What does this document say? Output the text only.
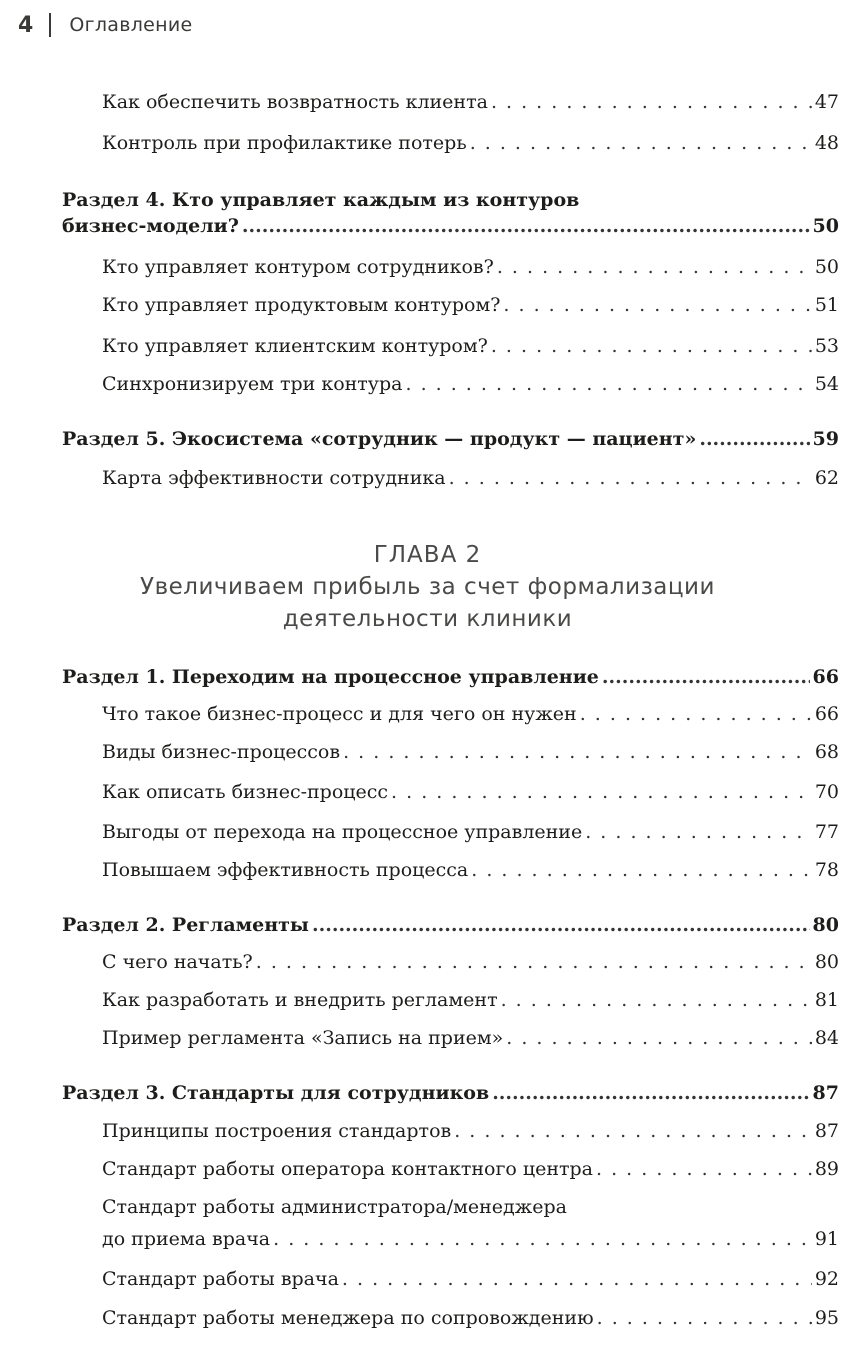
4 Оглавление
Как обеспечить возвратность клиента . . .	47
Контроль при профилактике потерь . . .	48
Раздел 4. Кто управляет каждым из контуров
бизнес-модели? .....	50
Кто управляет контуром сотрудников? . . .	50
Кто управляет продуктовым контуром? . . .	51
Кто управляет клиентским контуром? . . .	53
Синхронизируем три контура . . .	54
Раздел 5. Экосистема «сотрудник — продукт — пациент» .....	59
Карта эффективности сотрудника . . .	62
ГЛАВА 2
Увеличиваем прибыль за счет формализации
деятельности клиники
Раздел 1. Переходим на процессное управление .....	66
Что такое бизнес-процесс и для чего он нужен . . .	66
Виды бизнес-процессов . . .	68
Как описать бизнес-процесс . . .	70
Выгоды от перехода на процессное управление . . .	77
Повышаем эффективность процесса . . .	78
Раздел 2. Регламенты .....	80
С чего начать? . . .	80
Как разработать и внедрить регламент . . .	81
Пример регламента «Запись на прием» . . .	84
Раздел 3. Стандарты для сотрудников .....	87
Принципы построения стандартов . . .	87
Стандарт работы оператора контактного центра . . .	89
Стандарт работы администратора/менеджера
до приема врача . . .	91
Стандарт работы врача . . .	92
Стандарт работы менеджера по сопровождению . . .	95
